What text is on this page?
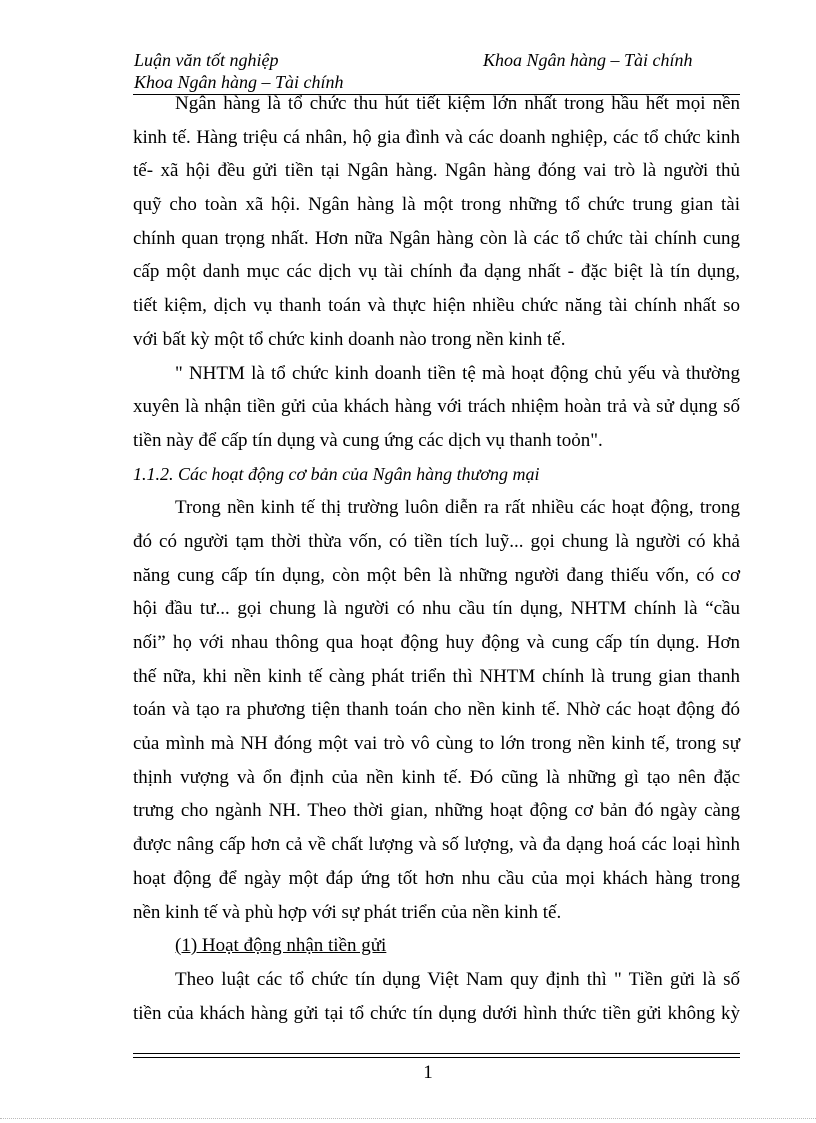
Luận văn tốt nghiệp
Khoa Ngân hàng – Tài chính
Khoa Ngân hàng – Tài chính
Ngân hàng là tổ chức thu hút tiết kiệm lớn nhất trong hầu hết mọi nền
kinh tế. Hàng triệu cá nhân, hộ gia đình và các doanh nghiệp, các tổ chức kinh
tế- xã hội đều gửi tiền tại Ngân hàng. Ngân hàng đóng vai trò là người thủ
quỹ cho toàn xã hội. Ngân hàng là một trong những tổ chức trung gian tài
chính quan trọng nhất. Hơn nữa Ngân hàng còn là các tổ chức tài chính cung
cấp một danh mục các dịch vụ tài chính đa dạng nhất - đặc biệt là tín dụng,
tiết kiệm, dịch vụ thanh toán và thực hiện nhiều chức năng tài chính nhất so
với bất kỳ một tổ chức kinh doanh nào trong nền kinh tế.
" NHTM là tổ chức kinh doanh tiền tệ mà hoạt động chủ yếu và thường
xuyên là nhận tiền gửi của khách hàng với trách nhiệm hoàn trả và sử dụng số
tiền này để cấp tín dụng và cung ứng các dịch vụ thanh toỏn".
1.1.2. Các hoạt động cơ bản của Ngân hàng thương mại
Trong nền kinh tế thị trường luôn diễn ra rất nhiều các hoạt động, trong
đó có người tạm thời thừa vốn, có tiền tích luỹ... gọi chung là người có khả
năng cung cấp tín dụng, còn một bên là những người đang thiếu vốn, có cơ
hội đầu tư... gọi chung là người có nhu cầu tín dụng, NHTM chính là “cầu
nối” họ với nhau thông qua hoạt động huy động và cung cấp tín dụng. Hơn
thế nữa, khi nền kinh tế càng phát triển thì NHTM chính là trung gian thanh
toán và tạo ra phương tiện thanh toán cho nền kinh tế. Nhờ các hoạt động đó
của mình mà NH đóng một vai trò vô cùng to lớn trong nền kinh tế, trong sự
thịnh vượng và ổn định của nền kinh tế. Đó cũng là những gì tạo nên đặc
trưng cho ngành NH. Theo thời gian, những hoạt động cơ bản đó ngày càng
được nâng cấp hơn cả về chất lượng và số lượng, và đa dạng hoá các loại hình
hoạt động để ngày một đáp ứng tốt hơn nhu cầu của mọi khách hàng trong
nền kinh tế và phù hợp với sự phát triển của nền kinh tế.
(1) Hoạt động nhận tiền gửi
Theo luật các tổ chức tín dụng Việt Nam quy định thì " Tiền gửi là số
tiền của khách hàng gửi tại tổ chức tín dụng dưới hình thức tiền gửi không kỳ
1
